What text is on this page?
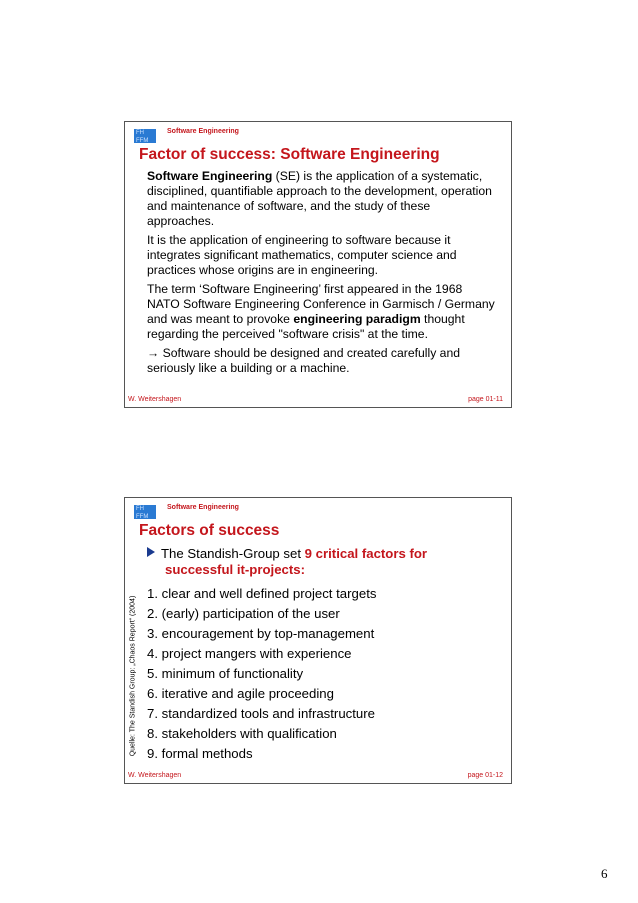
FH FFM
Software Engineering
Factor of success: Software Engineering

Software Engineering (SE) is the application of a systematic, disciplined, quantifiable approach to the development, operation and maintenance of software, and the study of these approaches.

It is the application of engineering to software because it integrates significant mathematics, computer science and practices whose origins are in engineering.

The term ‘Software Engineering’ first appeared in the 1968 NATO Software Engineering Conference in Garmisch / Germany and was meant to provoke engineering paradigm thought regarding the perceived "software crisis" at the time.

→ Software should be designed and created carefully and seriously like a building or a machine.

W. Weitershagen	page 01-11
FH FFM
Software Engineering
Factors of success
The Standish-Group set 9 critical factors for
successful it-projects:
1. clear and well defined project targets
2. (early) participation of the user
3. encouragement by top-management
4. project mangers with experience
5. minimum of functionality
6. iterative and agile proceeding
7. standardized tools and infrastructure
8. stakeholders with qualification
9. formal methods
Quelle: The Standish Group: „Chaos Report“ (2004)
W. Weitershagen	page 01-12
6
